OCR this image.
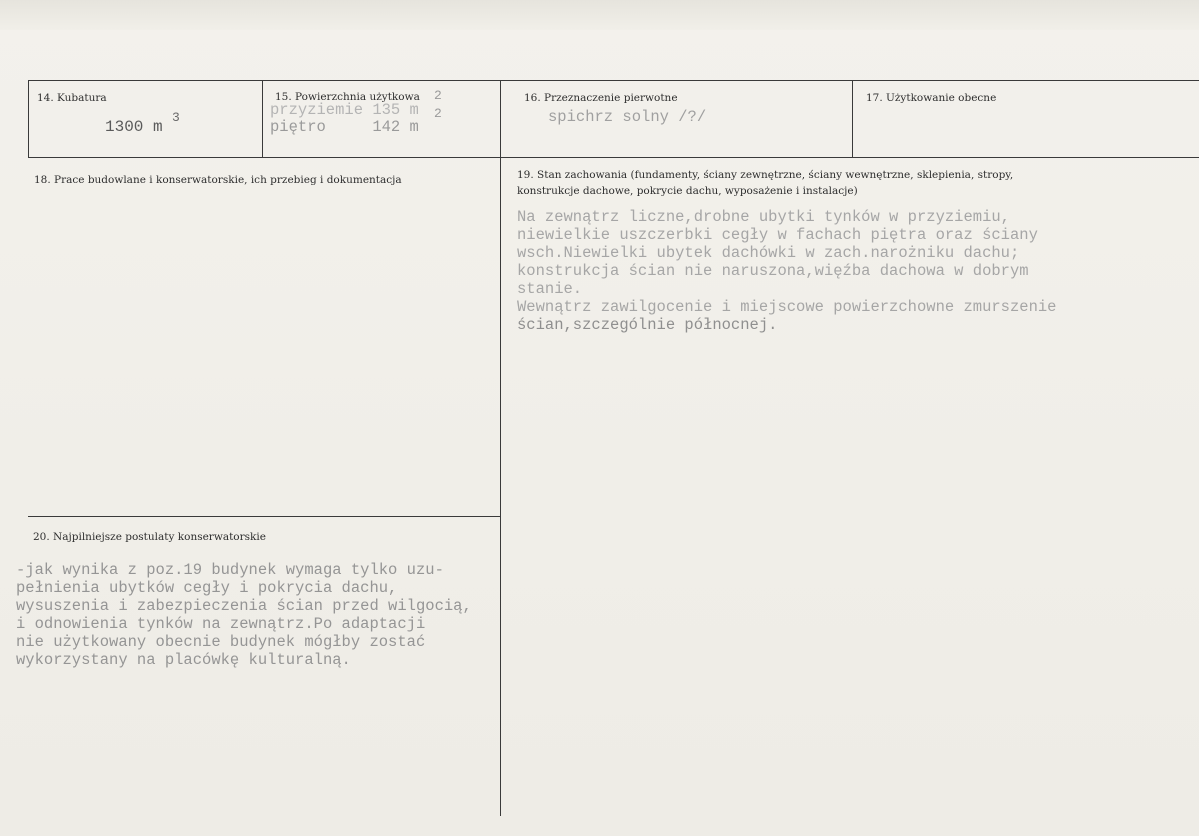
14. Kubatura
1300 m
3
15. Powierzchnia użytkowa
przyziemie 135 m
piętro     142 m
2
2
16. Przeznaczenie pierwotne
spichrz solny /?/
17. Użytkowanie obecne
18. Prace budowlane i konserwatorskie, ich przebieg i dokumentacja	19. Stan zachowania (fundamenty, ściany zewnętrzne, ściany wewnętrzne, sklepienia, stropy,
konstrukcje dachowe, pokrycie dachu, wyposażenie i instalacje)
Na zewnątrz liczne,drobne ubytki tynków w przyziemiu,
niewielkie uszczerbki cegły w fachach piętra oraz ściany
wsch.Niewielki ubytek dachówki w zach.narożniku dachu;
konstrukcja ścian nie naruszona,więźba dachowa w dobrym
stanie.
Wewnątrz zawilgocenie i miejscowe powierzchowne zmurszenie
ścian,szczególnie północnej.
20. Najpilniejsze postulaty konserwatorskie
-jak wynika z poz.19 budynek wymaga tylko uzu-
pełnienia ubytków cegły i pokrycia dachu,
wysuszenia i zabezpieczenia ścian przed wilgocią,
i odnowienia tynków na zewnątrz.Po adaptacji
nie użytkowany obecnie budynek mógłby zostać
wykorzystany na placówkę kulturalną.
